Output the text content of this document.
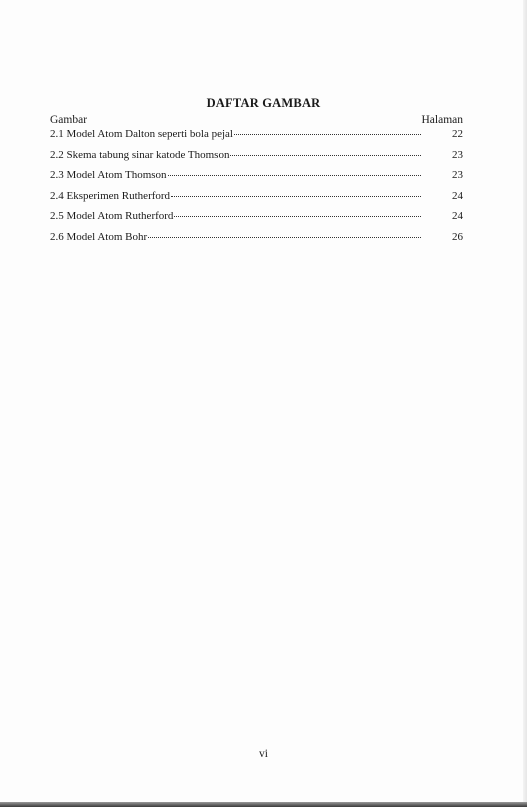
DAFTAR GAMBAR
Gambar	Halaman
2.1 Model Atom Dalton seperti bola pejal	22
2.2 Skema tabung sinar katode Thomson	23
2.3 Model Atom Thomson	23
2.4 Eksperimen Rutherford	24
2.5 Model Atom Rutherford	24
2.6 Model Atom Bohr	26
vi
